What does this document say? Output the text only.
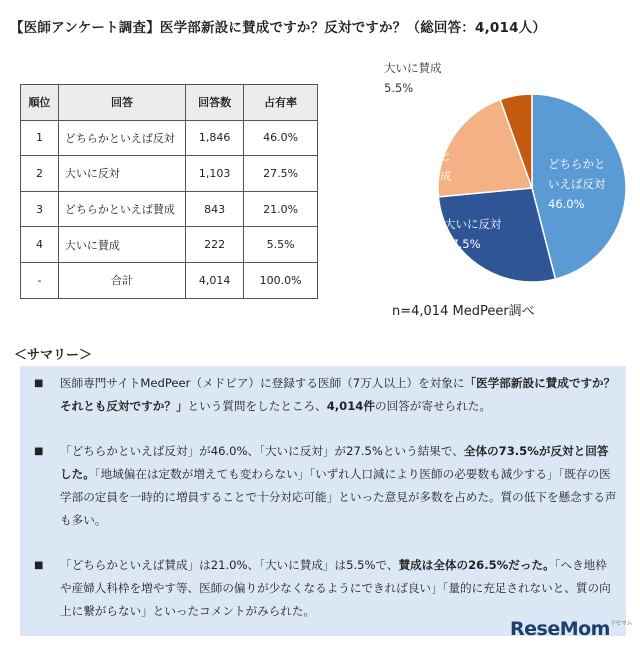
【医師アンケート調査】医学部新設に賛成ですか？反対ですか？（総回答：4,014人）
順位	回答	回答数	占有率
1	どちらかといえば反対	1,846	46.0%
2	大いに反対	1,103	27.5%
3	どちらかといえば賛成	843	21.0%
4	大いに賛成	222	5.5%
-	合計	4,014	100.0%
どちらかといえば反対 46.0%
大いに反対 27.5%
どちらかといえば賛成 21.0%
大いに賛成 5.5%
n=4,014 MedPeer調べ
＜サマリー＞
■	医師専門サイトMedPeer（メドピア）に登録する医師（7万人以上）を対象に「医学部新設に賛成ですか？　それとも反対ですか？」という質問をしたところ、4,014件の回答が寄せられた。
■	「どちらかといえば反対」が46.0%、「大いに反対」が27.5%という結果で、全体の73.5%が反対と回答した。「地域偏在は定数が増えても変わらない」「いずれ人口減により医師の必要数も減少する」「既存の医学部の定員を一時的に増員することで十分対応可能」といった意見が多数を占めた。質の低下を懸念する声も多い。
■	「どちらかといえば賛成」は21.0%、「大いに賛成」は5.5%で、賛成は全体の26.5%だった。「へき地枠や産婦人科枠を増やす等、医師の偏りが少なくなるようにできれば良い」「量的に充足されないと、質の向上に繋がらない」といったコメントがみられた。
ReseMom$^{リセマム}$
